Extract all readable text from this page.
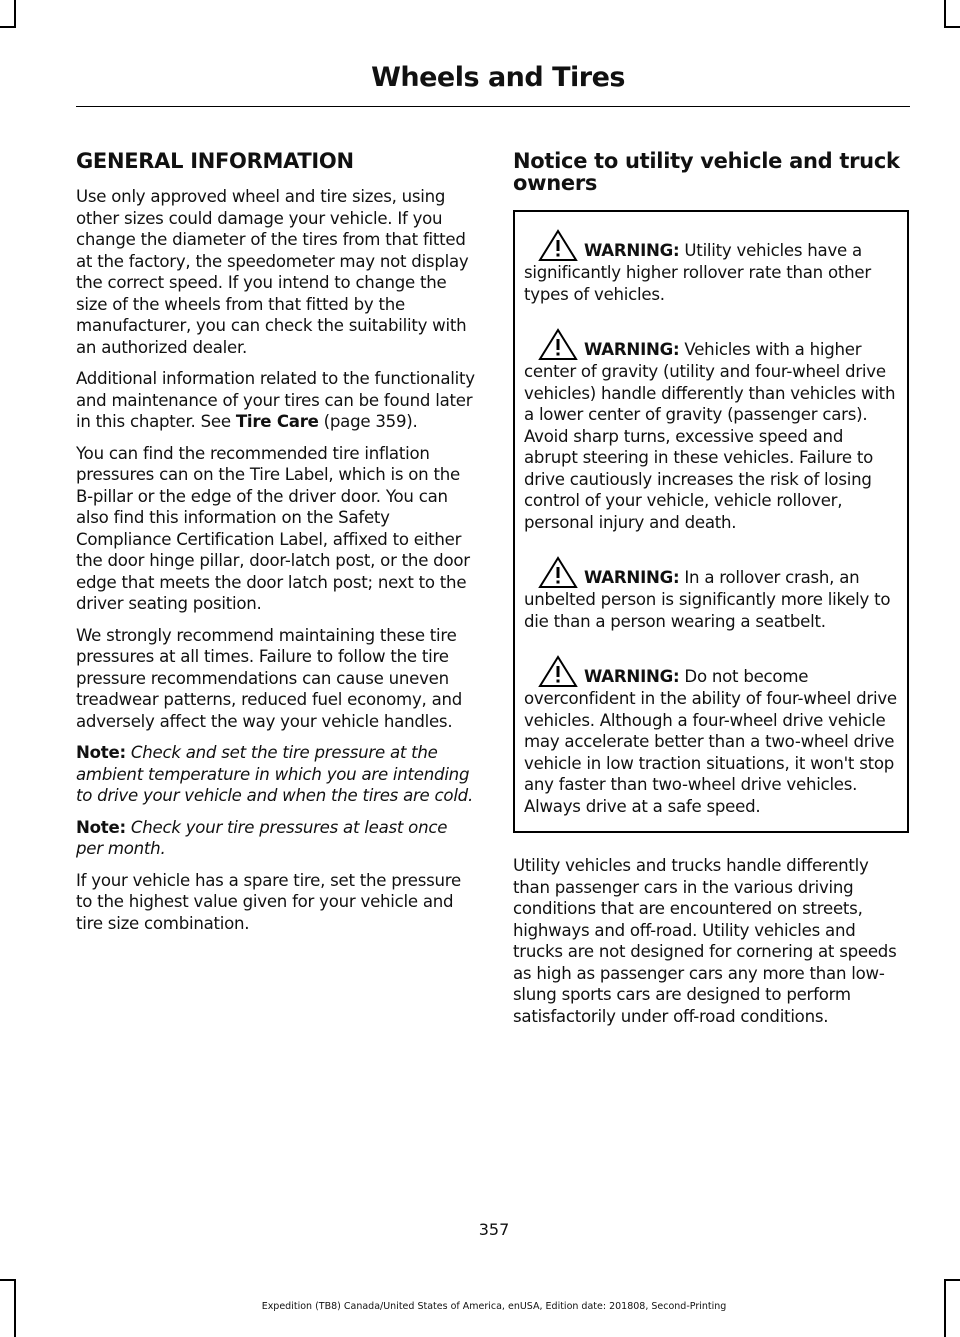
Wheels and Tires
GENERAL INFORMATION

Use only approved wheel and tire sizes, using other sizes could damage your vehicle. If you change the diameter of the tires from that fitted at the factory, the speedometer may not display the correct speed. If you intend to change the size of the wheels from that fitted by the manufacturer, you can check the suitability with an authorized dealer.

Additional information related to the functionality and maintenance of your tires can be found later in this chapter. See Tire Care (page 359).

You can find the recommended tire inflation pressures can on the Tire Label, which is on the B-pillar or the edge of the driver door. You can also find this information on the Safety Compliance Certification Label, affixed to either the door hinge pillar, door-latch post, or the door edge that meets the door latch post; next to the driver seating position.

We strongly recommend maintaining these tire pressures at all times. Failure to follow the tire pressure recommendations can cause uneven treadwear patterns, reduced fuel economy, and adversely affect the way your vehicle handles.

Note: Check and set the tire pressure at the ambient temperature in which you are intending to drive your vehicle and when the tires are cold.

Note: Check your tire pressures at least once per month.

If your vehicle has a spare tire, set the pressure to the highest value given for your vehicle and tire size combination.

Notice to utility vehicle and truck owners
WARNING: Utility vehicles have a significantly higher rollover rate than other types of vehicles.
WARNING: Vehicles with a higher center of gravity (utility and four-wheel drive vehicles) handle differently than vehicles with a lower center of gravity (passenger cars). Avoid sharp turns, excessive speed and abrupt steering in these vehicles. Failure to drive cautiously increases the risk of losing control of your vehicle, vehicle rollover, personal injury and death.
WARNING: In a rollover crash, an unbelted person is significantly more likely to die than a person wearing a seatbelt.
WARNING: Do not become overconfident in the ability of four-wheel drive vehicles. Although a four-wheel drive vehicle may accelerate better than a two-wheel drive vehicle in low traction situations, it won't stop any faster than two-wheel drive vehicles. Always drive at a safe speed.

Utility vehicles and trucks handle differently than passenger cars in the various driving conditions that are encountered on streets, highways and off-road. Utility vehicles and trucks are not designed for cornering at speeds as high as passenger cars any more than low-slung sports cars are designed to perform satisfactorily under off-road conditions.

357
Expedition (TB8) Canada/United States of America, enUSA, Edition date: 201808, Second-Printing
